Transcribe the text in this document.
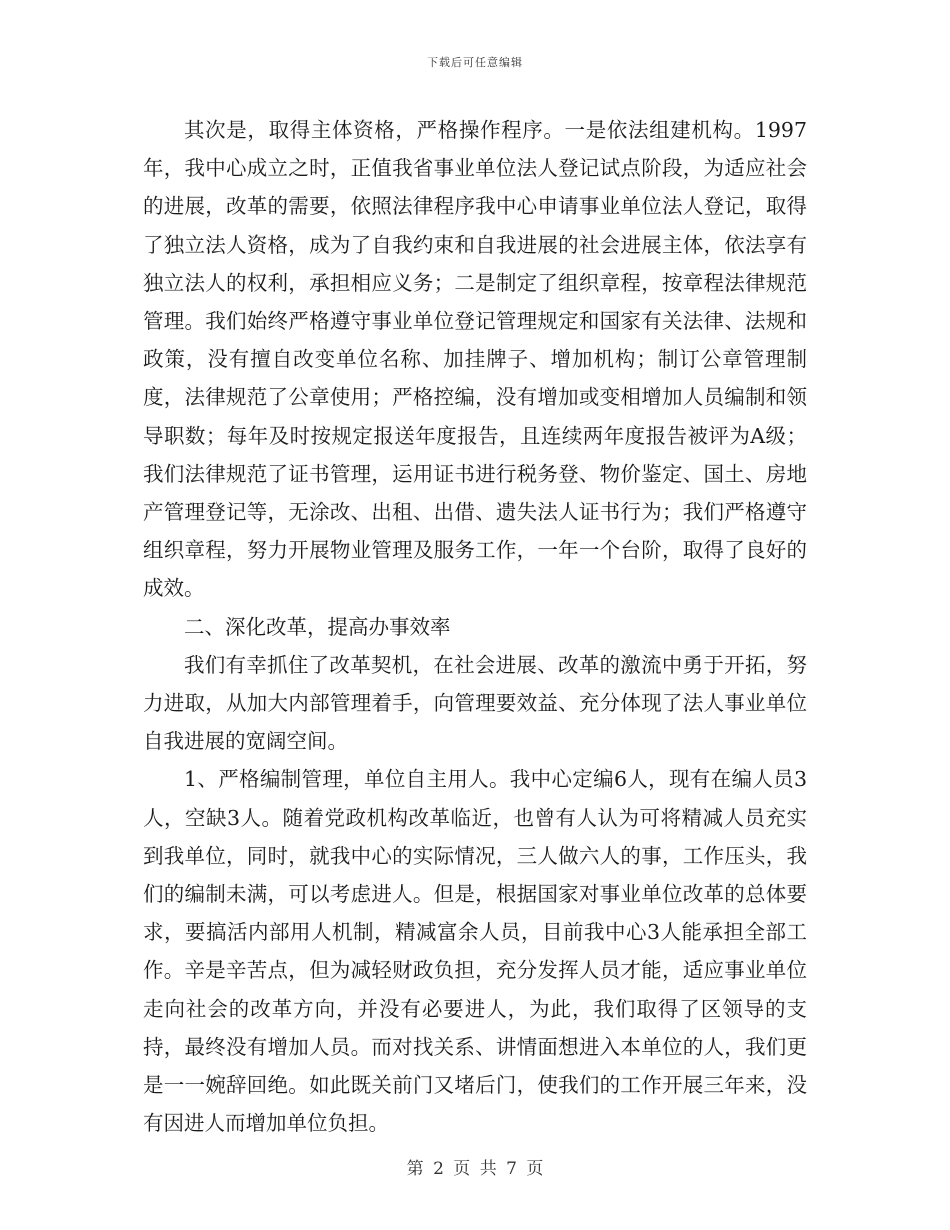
下载后可任意编辑

其次是，取得主体资格，严格操作程序。一是依法组建机构。1997年，我中心成立之时，正值我省事业单位法人登记试点阶段，为适应社会的进展，改革的需要，依照法律程序我中心申请事业单位法人登记，取得了独立法人资格，成为了自我约束和自我进展的社会进展主体，依法享有独立法人的权利，承担相应义务；二是制定了组织章程，按章程法律规范管理。我们始终严格遵守事业单位登记管理规定和国家有关法律、法规和政策，没有擅自改变单位名称、加挂牌子、增加机构；制订公章管理制度，法律规范了公章使用；严格控编，没有增加或变相增加人员编制和领导职数；每年及时按规定报送年度报告，且连续两年度报告被评为A级；我们法律规范了证书管理，运用证书进行税务登、物价鉴定、国土、房地产管理登记等，无涂改、出租、出借、遗失法人证书行为；我们严格遵守组织章程，努力开展物业管理及服务工作，一年一个台阶，取得了良好的成效。

二、深化改革，提高办事效率

我们有幸抓住了改革契机，在社会进展、改革的激流中勇于开拓，努力进取，从加大内部管理着手，向管理要效益、充分体现了法人事业单位自我进展的宽阔空间。

1、严格编制管理，单位自主用人。我中心定编6人，现有在编人员3人，空缺3人。随着党政机构改革临近，也曾有人认为可将精减人员充实到我单位，同时，就我中心的实际情况，三人做六人的事，工作压头，我们的编制未满，可以考虑进人。但是，根据国家对事业单位改革的总体要求，要搞活内部用人机制，精减富余人员，目前我中心3人能承担全部工作。辛是辛苦点，但为减轻财政负担，充分发挥人员才能，适应事业单位走向社会的改革方向，并没有必要进人，为此，我们取得了区领导的支持，最终没有增加人员。而对找关系、讲情面想进入本单位的人，我们更是一一婉辞回绝。如此既关前门又堵后门，使我们的工作开展三年来，没有因进人而增加单位负担。

第 2 页 共 7 页
